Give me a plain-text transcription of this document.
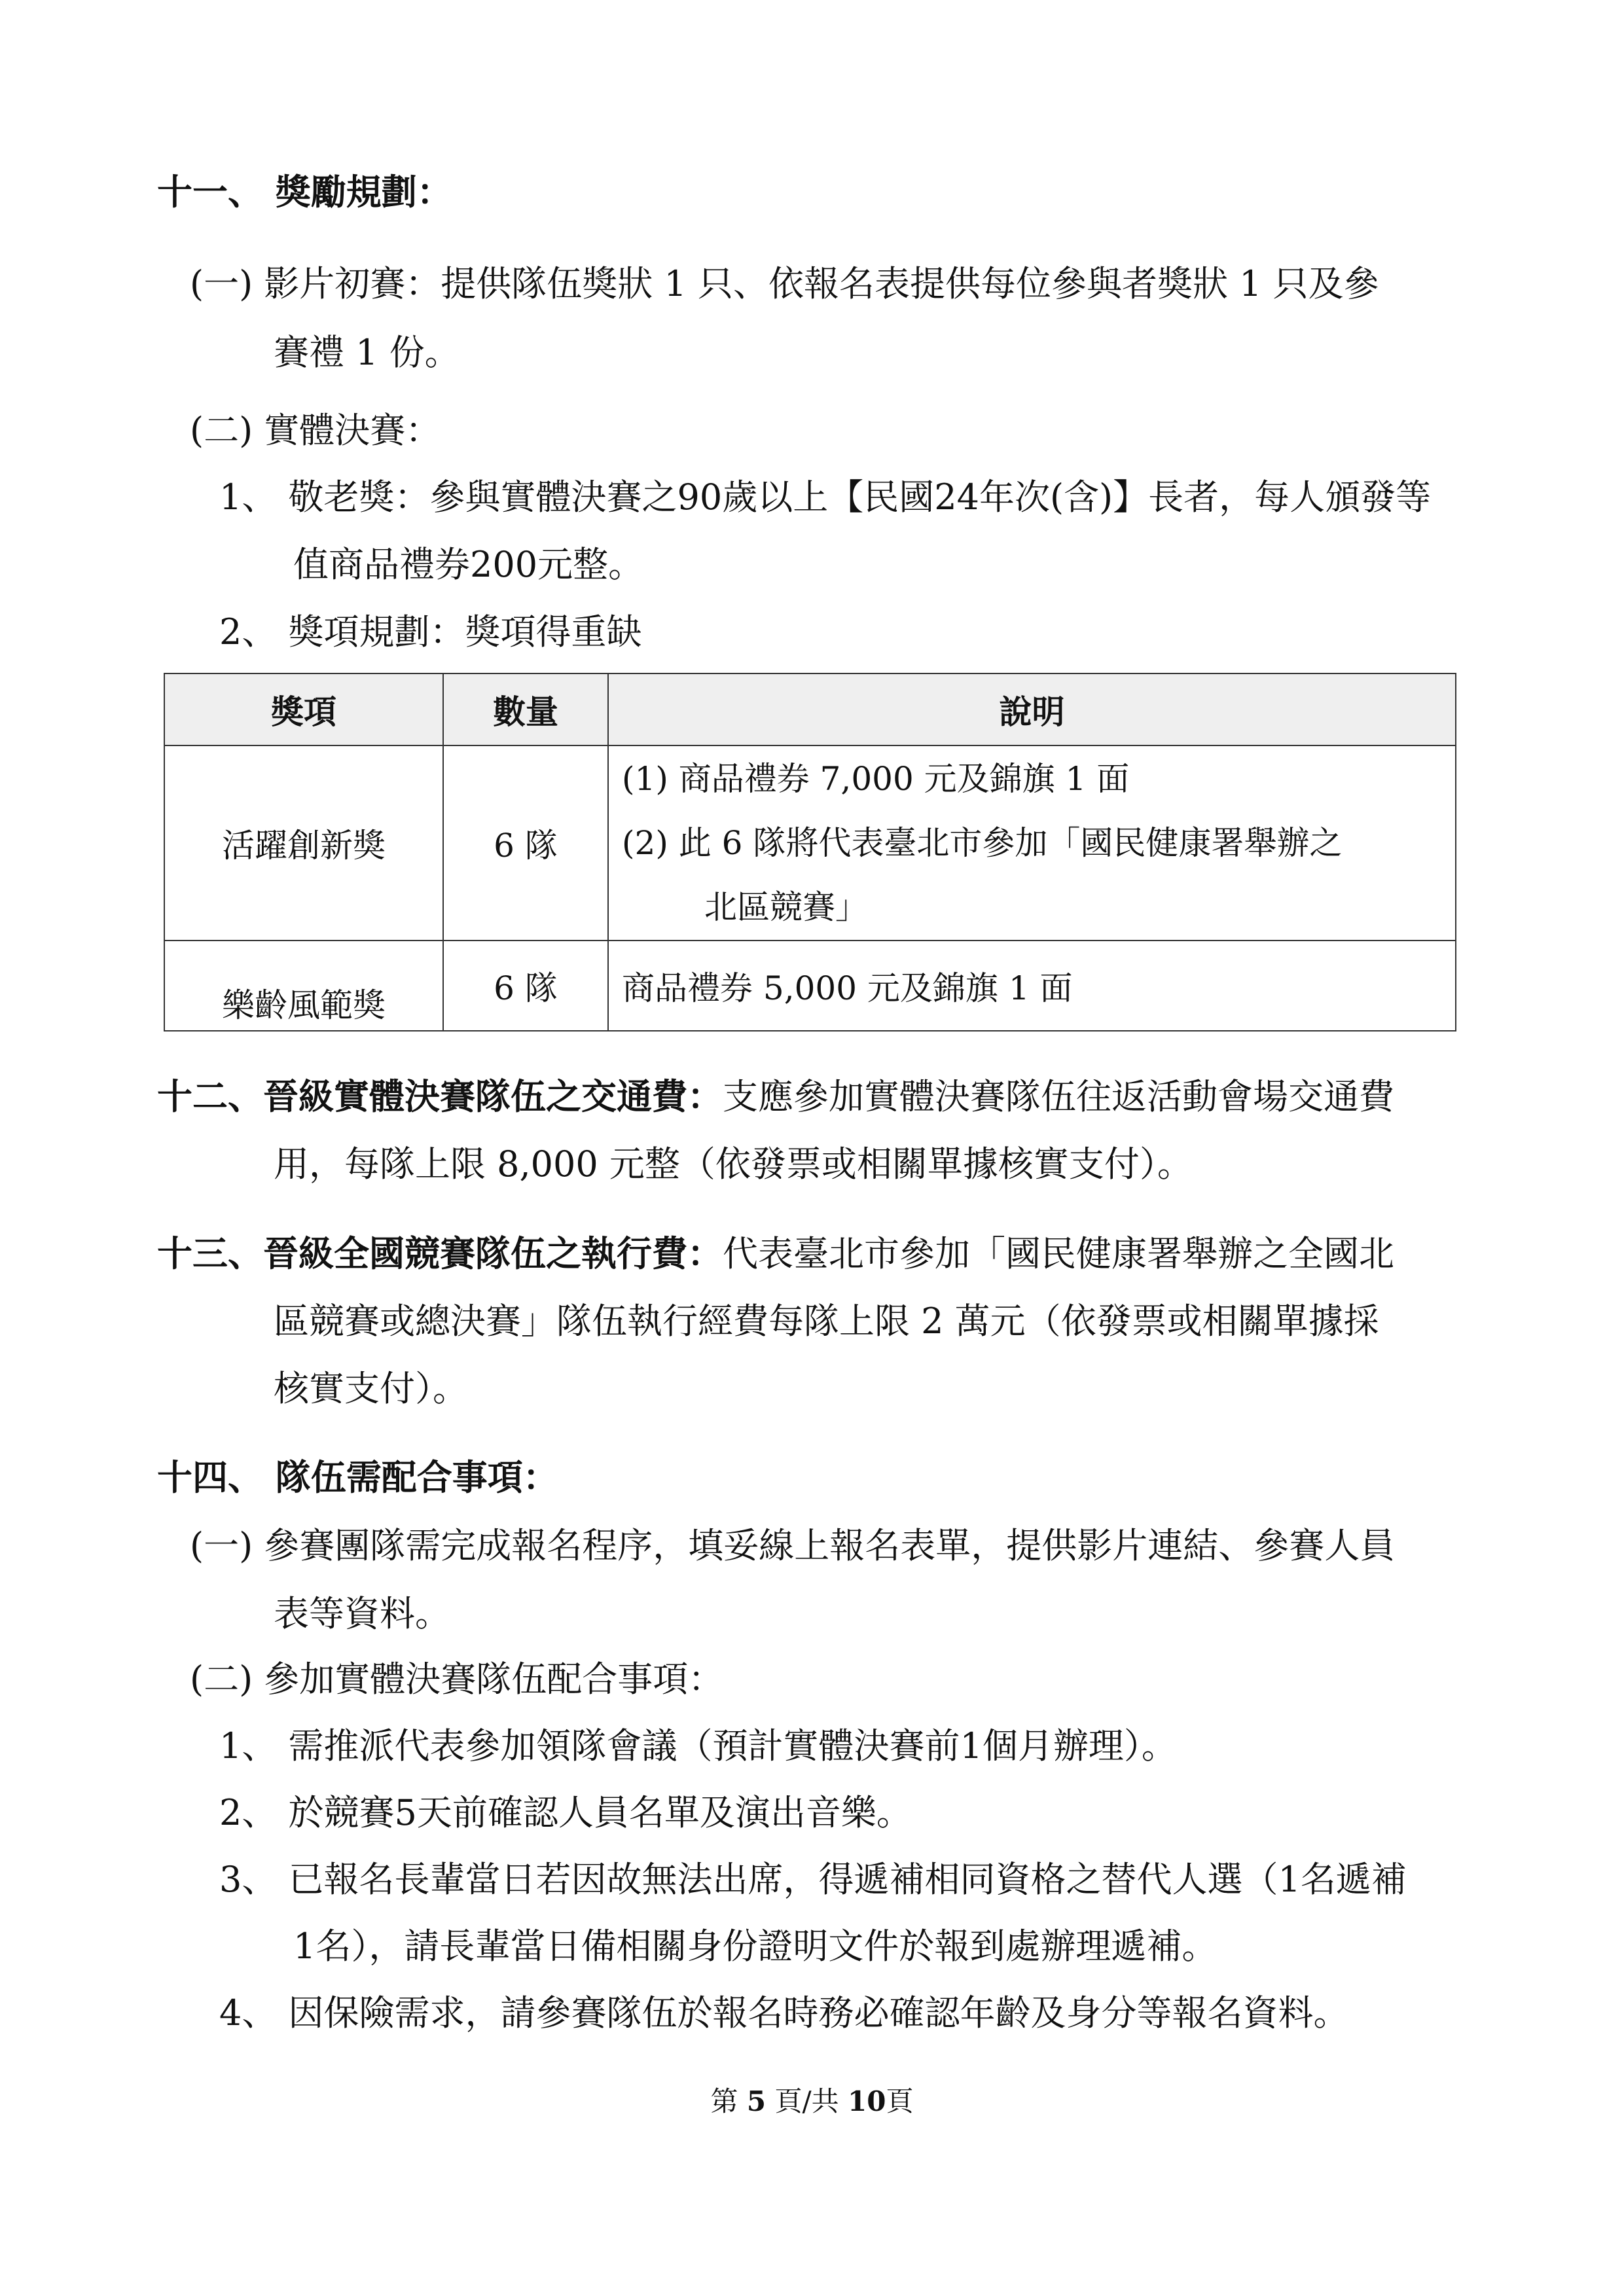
十一、 獎勵規劃：
(一) 影片初賽：提供隊伍獎狀 1 只、依報名表提供每位參與者獎狀 1 只及參
賽禮 1 份。
(二) 實體決賽：
1、 敬老獎：參與實體決賽之90歲以上【民國24年次(含)】長者，每人頒發等
值商品禮券200元整。
2、 獎項規劃：獎項得重缺
獎項	數量	說明
活躍創新獎	6 隊	(1) 商品禮券 7,000 元及錦旗 1 面
(2) 此 6 隊將代表臺北市參加「國民健康署舉辦之
北區競賽」

樂齡風範獎	6 隊	商品禮券 5,000 元及錦旗 1 面
十二、晉級實體決賽隊伍之交通費：支應參加實體決賽隊伍往返活動會場交通費
用，每隊上限 8,000 元整（依發票或相關單據核實支付）。
十三、晉級全國競賽隊伍之執行費：代表臺北市參加「國民健康署舉辦之全國北
區競賽或總決賽」隊伍執行經費每隊上限 2 萬元（依發票或相關單據採
核實支付）。
十四、 隊伍需配合事項：
(一) 參賽團隊需完成報名程序，填妥線上報名表單，提供影片連結、參賽人員
表等資料。
(二) 參加實體決賽隊伍配合事項：
1、 需推派代表參加領隊會議（預計實體決賽前1個月辦理）。
2、 於競賽5天前確認人員名單及演出音樂。
3、 已報名長輩當日若因故無法出席，得遞補相同資格之替代人選（1名遞補
1名），請長輩當日備相關身份證明文件於報到處辦理遞補。
4、 因保險需求，請參賽隊伍於報名時務必確認年齡及身分等報名資料。
第 5 頁/共 10頁
